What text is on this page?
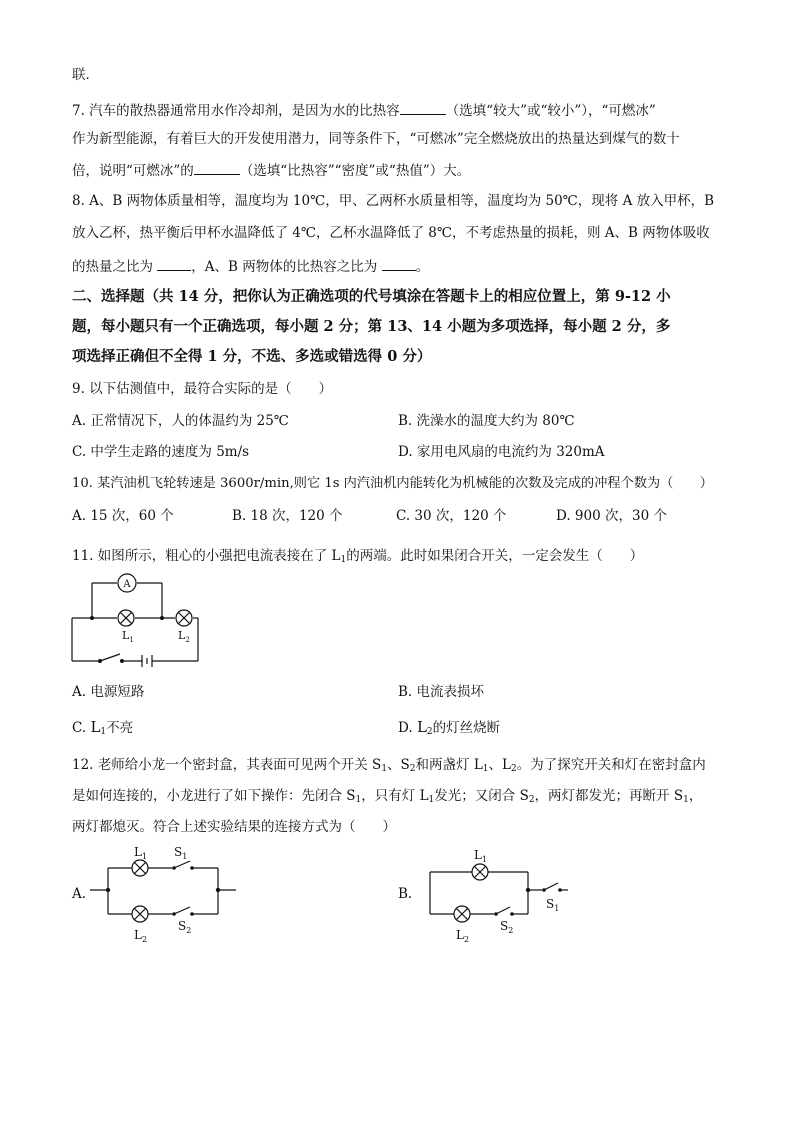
联．
7. 汽车的散热器通常用水作冷却剂，是因为水的比热容	（选填“较大”或“较小”），“可燃冰”
作为新型能源，有着巨大的开发使用潜力，同等条件下，“可燃冰”完全燃烧放出的热量达到煤气的数十
倍，说明“可燃冰”的	（选填“比热容”“密度”或“热值”）大。
8. A、B 两物体质量相等，温度均为 10℃，甲、乙两杯水质量相等，温度均为 50℃，现将 A 放入甲杯，B
放入乙杯，热平衡后甲杯水温降低了 4℃，乙杯水温降低了 8℃，不考虑热量的损耗，则 A、B 两物体吸收
的热量之比为	，A、B 两物体的比热容之比为	。
二、选择题（共 14 分，把你认为正确选项的代号填涂在答题卡上的相应位置上，第 9-12 小
题，每小题只有一个正确选项，每小题 2 分；第 13、14 小题为多项选择，每小题 2 分，多
项选择正确但不全得 1 分，不选、多选或错选得 0 分）
9. 以下估测值中，最符合实际的是（　　）
A. 正常情况下，人的体温约为 25℃	B. 洗澡水的温度大约为 80℃
C. 中学生走路的速度为 5m/s	D. 家用电风扇的电流约为 320mA
10. 某汽油机飞轮转速是 3600r/min,则它 1s 内汽油机内能转化为机械能的次数及完成的冲程个数为（　　）
A. 15 次，60 个	B. 18 次，120 个	C. 30 次，120 个	D. 900 次，30 个
11. 如图所示，粗心的小强把电流表接在了 $L_1$的两端。此时如果闭合开关，一定会发生（　　）
A
$L_1$	$L_2$
A. 电源短路	B. 电流表损坏
C. $L_1$不亮	D. $L_2$的灯丝烧断
12. 老师给小龙一个密封盒，其表面可见两个开关 $S_1$、$S_2$和两盏灯 $L_1$、$L_2$。为了探究开关和灯在密封盒内
是如何连接的，小龙进行了如下操作：先闭合 $S_1$，只有灯 $L_1$发光；又闭合 $S_2$，两灯都发光；再断开 $S_1$，
两灯都熄灭。符合上述实验结果的连接方式为（　　）
A.
$L_1$ $S_1$
$L_2$
$S_2$
B.
$L_1$
$S_1$
$L_2$
$S_2$
